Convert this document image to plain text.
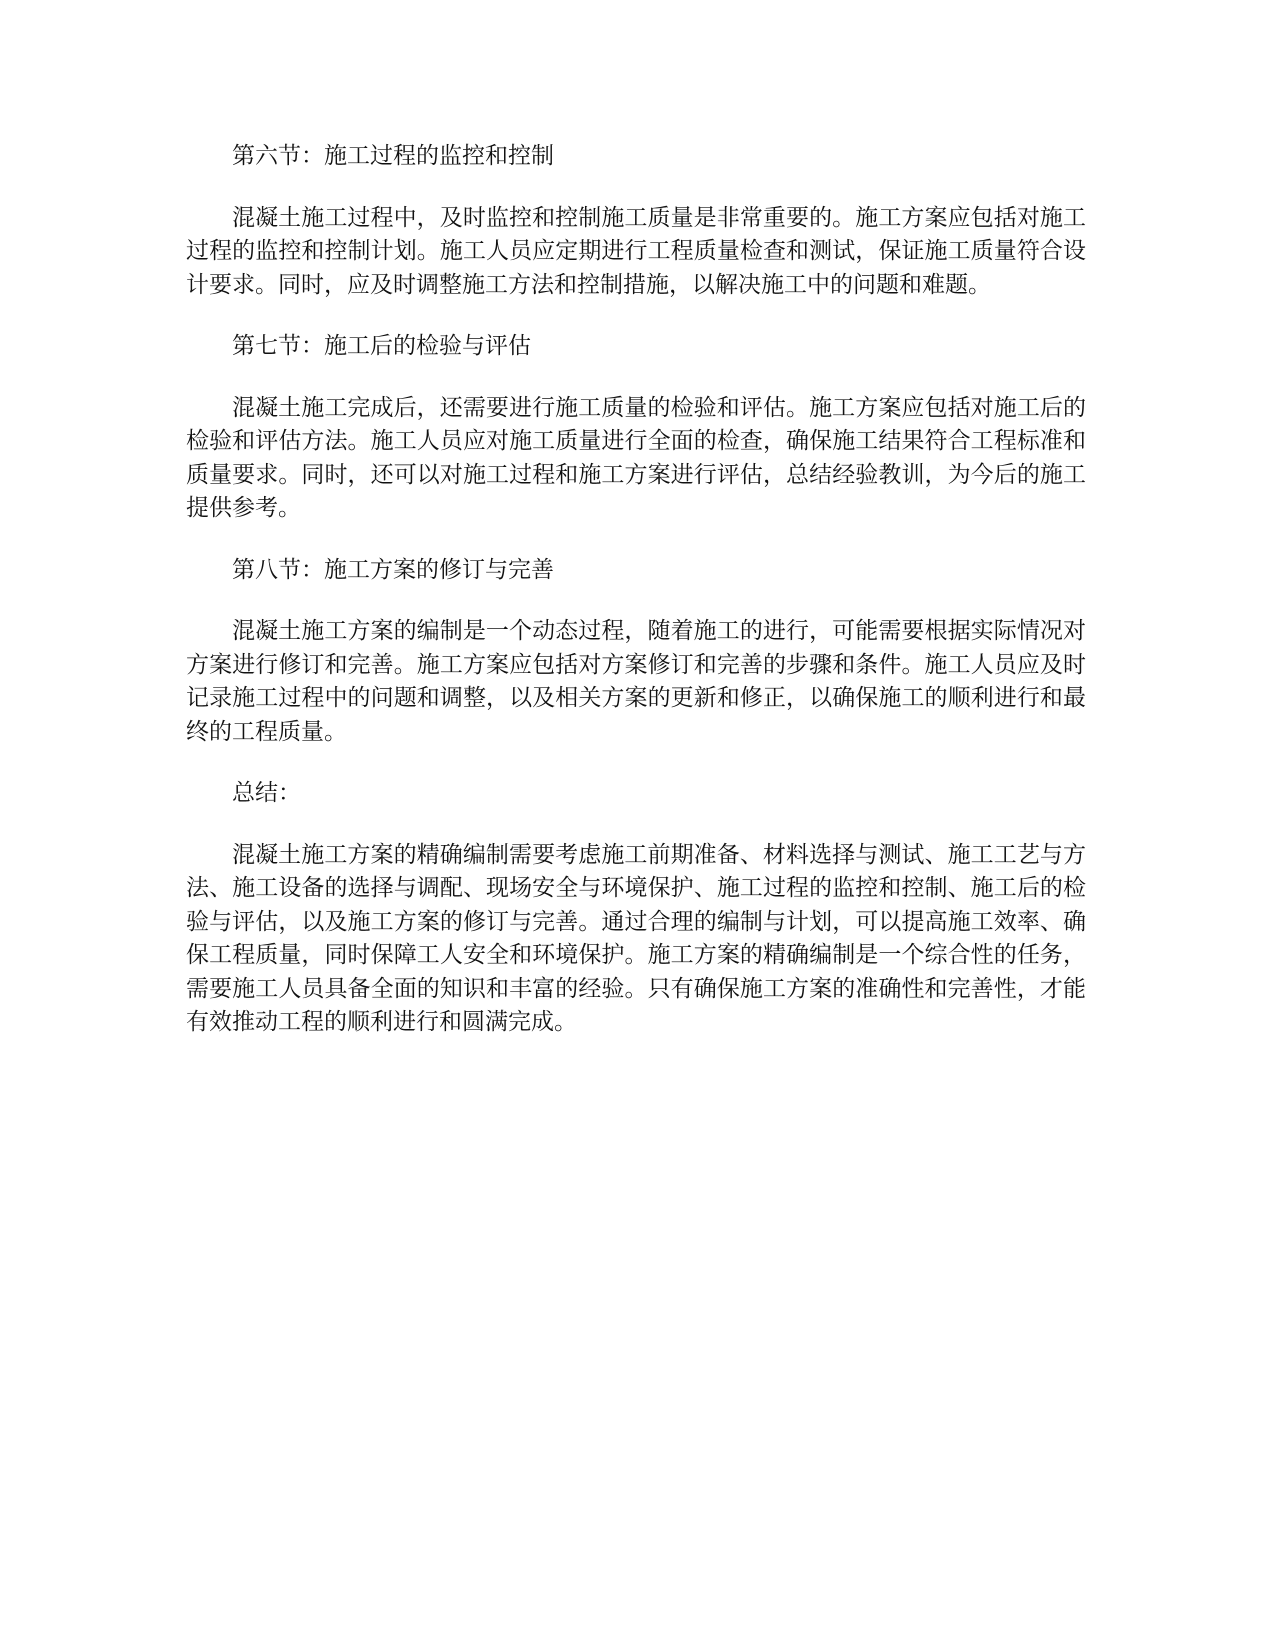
第六节：施工过程的监控和控制

混凝土施工过程中，及时监控和控制施工质量是非常重要的。施工方案应包括对施工过程的监控和控制计划。施工人员应定期进行工程质量检查和测试，保证施工质量符合设计要求。同时，应及时调整施工方法和控制措施，以解决施工中的问题和难题。

第七节：施工后的检验与评估

混凝土施工完成后，还需要进行施工质量的检验和评估。施工方案应包括对施工后的检验和评估方法。施工人员应对施工质量进行全面的检查，确保施工结果符合工程标准和质量要求。同时，还可以对施工过程和施工方案进行评估，总结经验教训，为今后的施工提供参考。

第八节：施工方案的修订与完善

混凝土施工方案的编制是一个动态过程，随着施工的进行，可能需要根据实际情况对方案进行修订和完善。施工方案应包括对方案修订和完善的步骤和条件。施工人员应及时记录施工过程中的问题和调整，以及相关方案的更新和修正，以确保施工的顺利进行和最终的工程质量。

总结：

混凝土施工方案的精确编制需要考虑施工前期准备、材料选择与测试、施工工艺与方法、施工设备的选择与调配、现场安全与环境保护、施工过程的监控和控制、施工后的检验与评估，以及施工方案的修订与完善。通过合理的编制与计划，可以提高施工效率、确保工程质量，同时保障工人安全和环境保护。施工方案的精确编制是一个综合性的任务，需要施工人员具备全面的知识和丰富的经验。只有确保施工方案的准确性和完善性，才能有效推动工程的顺利进行和圆满完成。
